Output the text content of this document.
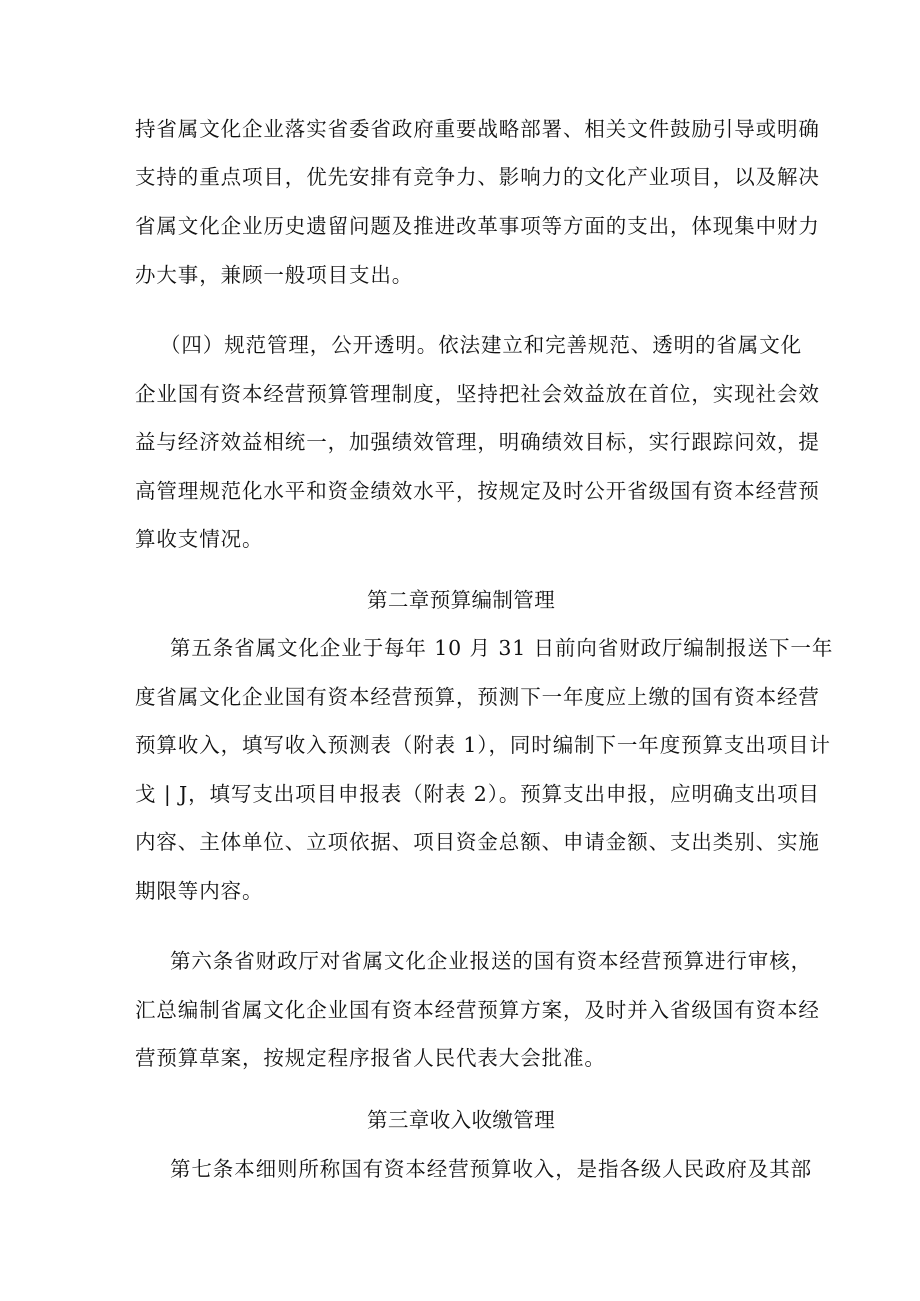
持省属文化企业落实省委省政府重要战略部署、相关文件鼓励引导或明确
支持的重点项目，优先安排有竞争力、影响力的文化产业项目，以及解决
省属文化企业历史遗留问题及推进改革事项等方面的支出，体现集中财力
办大事，兼顾一般项目支出。
（四）规范管理，公开透明。依法建立和完善规范、透明的省属文化
企业国有资本经营预算管理制度，坚持把社会效益放在首位，实现社会效
益与经济效益相统一，加强绩效管理，明确绩效目标，实行跟踪问效，提
高管理规范化水平和资金绩效水平，按规定及时公开省级国有资本经营预
算收支情况。
第二章预算编制管理
第五条省属文化企业于每年 10 月 31 日前向省财政厅编制报送下一年
度省属文化企业国有资本经营预算，预测下一年度应上缴的国有资本经营
预算收入，填写收入预测表（附表 1），同时编制下一年度预算支出项目计
戈 | J，填写支出项目申报表（附表 2）。预算支出申报，应明确支出项目
内容、主体单位、立项依据、项目资金总额、申请金额、支出类别、实施
期限等内容。
第六条省财政厅对省属文化企业报送的国有资本经营预算进行审核，
汇总编制省属文化企业国有资本经营预算方案，及时并入省级国有资本经
营预算草案，按规定程序报省人民代表大会批准。
第三章收入收缴管理
第七条本细则所称国有资本经营预算收入，是指各级人民政府及其部
